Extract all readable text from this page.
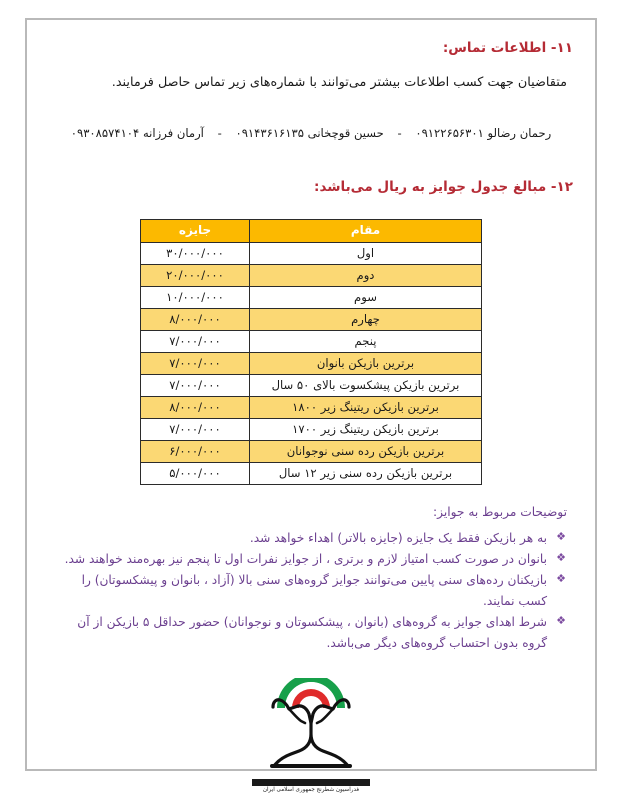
۱۱- اطلاعات تماس:

متقاضیان جهت کسب اطلاعات بیشتر می‌توانند با شماره‌های زیر تماس حاصل فرمایند.

رحمان رضالو ۰۹۱۲۲۶۵۶۳۰۱ - حسین قوچخانی ۰۹۱۴۳۶۱۶۱۳۵ - آرمان فرزانه ۰۹۳۰۸۵۷۴۱۰۴
۱۲- مبالغ جدول جوایز به ریال می‌باشد:
مقام	جایزه
اول	۳۰/۰۰۰/۰۰۰
دوم	۲۰/۰۰۰/۰۰۰
سوم	۱۰/۰۰۰/۰۰۰
چهارم	۸/۰۰۰/۰۰۰
پنجم	۷/۰۰۰/۰۰۰
برترین بازیکن بانوان	۷/۰۰۰/۰۰۰
برترین بازیکن پیشکسوت بالای ۵۰ سال	۷/۰۰۰/۰۰۰
برترین بازیکن ریتینگ زیر ۱۸۰۰	۸/۰۰۰/۰۰۰
برترین بازیکن ریتینگ زیر ۱۷۰۰	۷/۰۰۰/۰۰۰
برترین بازیکن رده سنی نوجوانان	۶/۰۰۰/۰۰۰
برترین بازیکن رده سنی زیر ۱۲ سال	۵/۰۰۰/۰۰۰
توضیحات مربوط به جوایز:
❖
به هر بازیکن فقط یک جایزه (جایزه بالاتر) اهداء خواهد شد.
❖
بانوان در صورت کسب امتیاز لازم و برتری ، از جوایز نفرات اول تا پنجم نیز بهره‌مند خواهند شد.
❖
بازیکنان رده‌های سنی پایین می‌توانند جوایز گروه‌های سنی بالا (آزاد ، بانوان و پیشکسوتان) را کسب نمایند.
❖
شرط اهدای جوایز به گروه‌های (بانوان ، پیشکسوتان و نوجوانان) حضور حداقل ۵ بازیکن از آن گروه بدون احتساب گروه‌های دیگر می‌باشد.
فدراسیون شطرنج جمهوری اسلامی ایران
